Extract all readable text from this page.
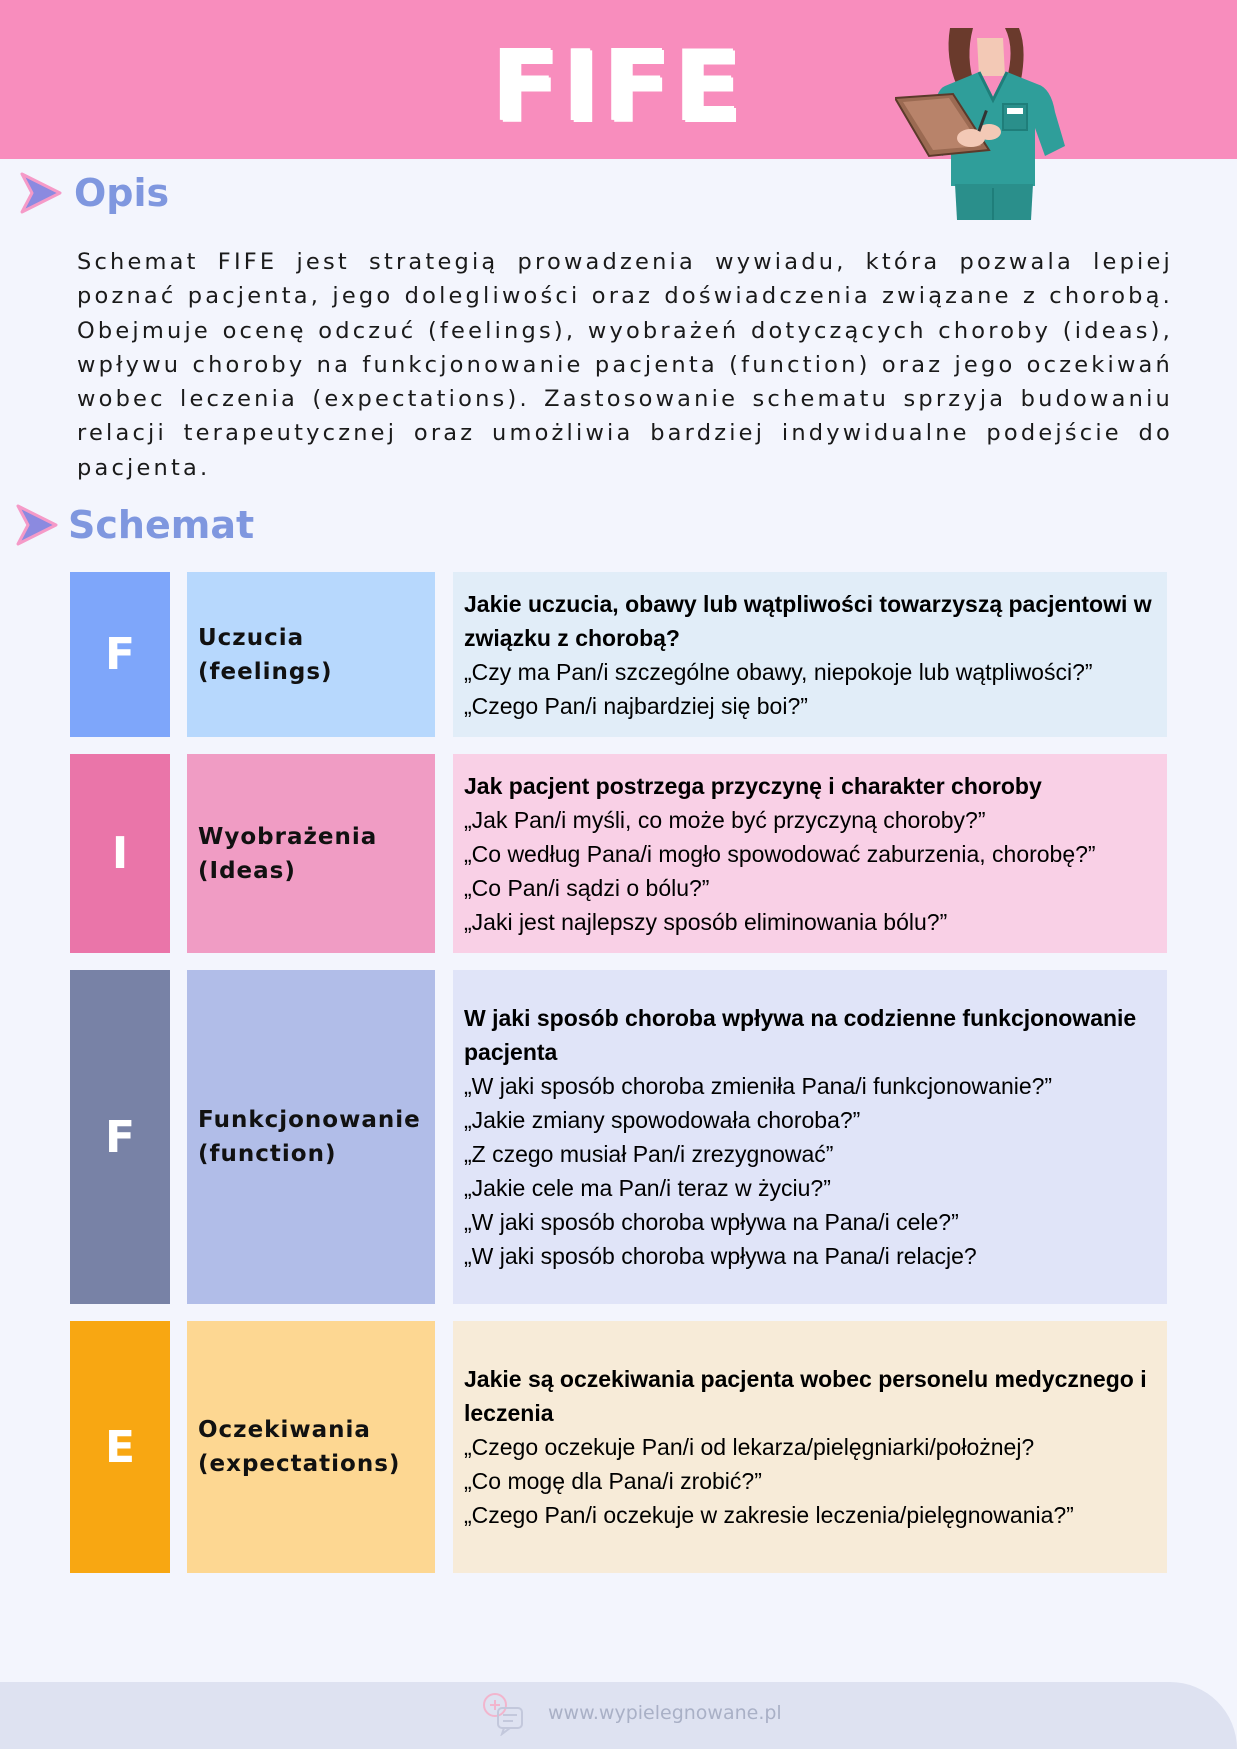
FIFE
Opis

Schemat FIFE jest strategią prowadzenia wywiadu, która pozwala lepiej poznać pacjenta, jego dolegliwości oraz doświadczenia związane z chorobą. Obejmuje ocenę odczuć (feelings), wyobrażeń dotyczących choroby (ideas), wpływu choroby na funkcjonowanie pacjenta (function) oraz jego oczekiwań wobec leczenia (expectations). Zastosowanie schematu sprzyja budowaniu relacji terapeutycznej oraz umożliwia bardziej indywidualne podejście do pacjenta.

Schemat
F	Uczucia
(feelings)
Jakie uczucia, obawy lub wątpliwości towarzyszą pacjentowi w związku z chorobą?
„Czy ma Pan/i szczególne obawy, niepokoje lub wątpliwości?”
„Czego Pan/i najbardziej się boi?”
I	Wyobrażenia
(Ideas)
Jak pacjent postrzega przyczynę i charakter choroby
„Jak Pan/i myśli, co może być przyczyną choroby?”
„Co według Pana/i mogło spowodować zaburzenia, chorobę?”
„Co Pan/i sądzi o bólu?”
„Jaki jest najlepszy sposób eliminowania bólu?”
F	Funkcjonowanie
(function)
W jaki sposób choroba wpływa na codzienne funkcjonowanie pacjenta
„W jaki sposób choroba zmieniła Pana/i funkcjonowanie?”
„Jakie zmiany spowodowała choroba?”
„Z czego musiał Pan/i zrezygnować”
„Jakie cele ma Pan/i teraz w życiu?”
„W jaki sposób choroba wpływa na Pana/i cele?”
„W jaki sposób choroba wpływa na Pana/i relacje?
E	Oczekiwania
(expectations)
Jakie są oczekiwania pacjenta wobec personelu medycznego i leczenia
„Czego oczekuje Pan/i od lekarza/pielęgniarki/położnej?
„Co mogę dla Pana/i zrobić?”
„Czego Pan/i oczekuje w zakresie leczenia/pielęgnowania?”
www.wypielegnowane.pl
